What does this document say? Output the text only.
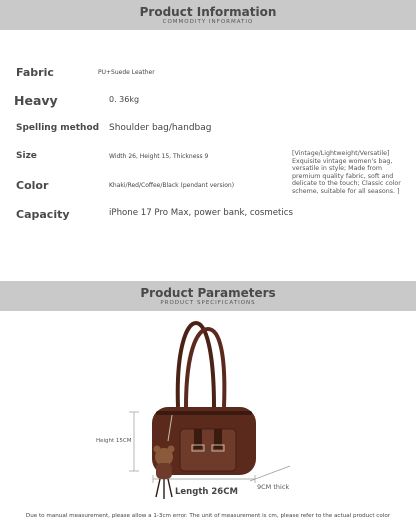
Product Information
COMMODITY INFORMATIO
Fabric	PU+Suede Leather
Heavy	0. 36kg
Spelling method Shoulder bag/handbag
Size	Width 26, Height 15, Thickness 9
Color	Khaki/Red/Coffee/Black (pendant version)
Capacity	iPhone 17 Pro Max, power bank, cosmetics
[Vintage/Lightweight/Versatile] Exquisite vintage women's bag, versatile in style; Made from premium quality fabric, soft and delicate to the touch; Classic color scheme, suitable for all seasons. ]
Product Parameters
PRODUCT SPECIFICATIONS
Height 15CM
Length 26CM	9CM thick
Due to manual measurement, please allow a 1-3cm error. The unit of measurement is cm, please refer to the actual product color
